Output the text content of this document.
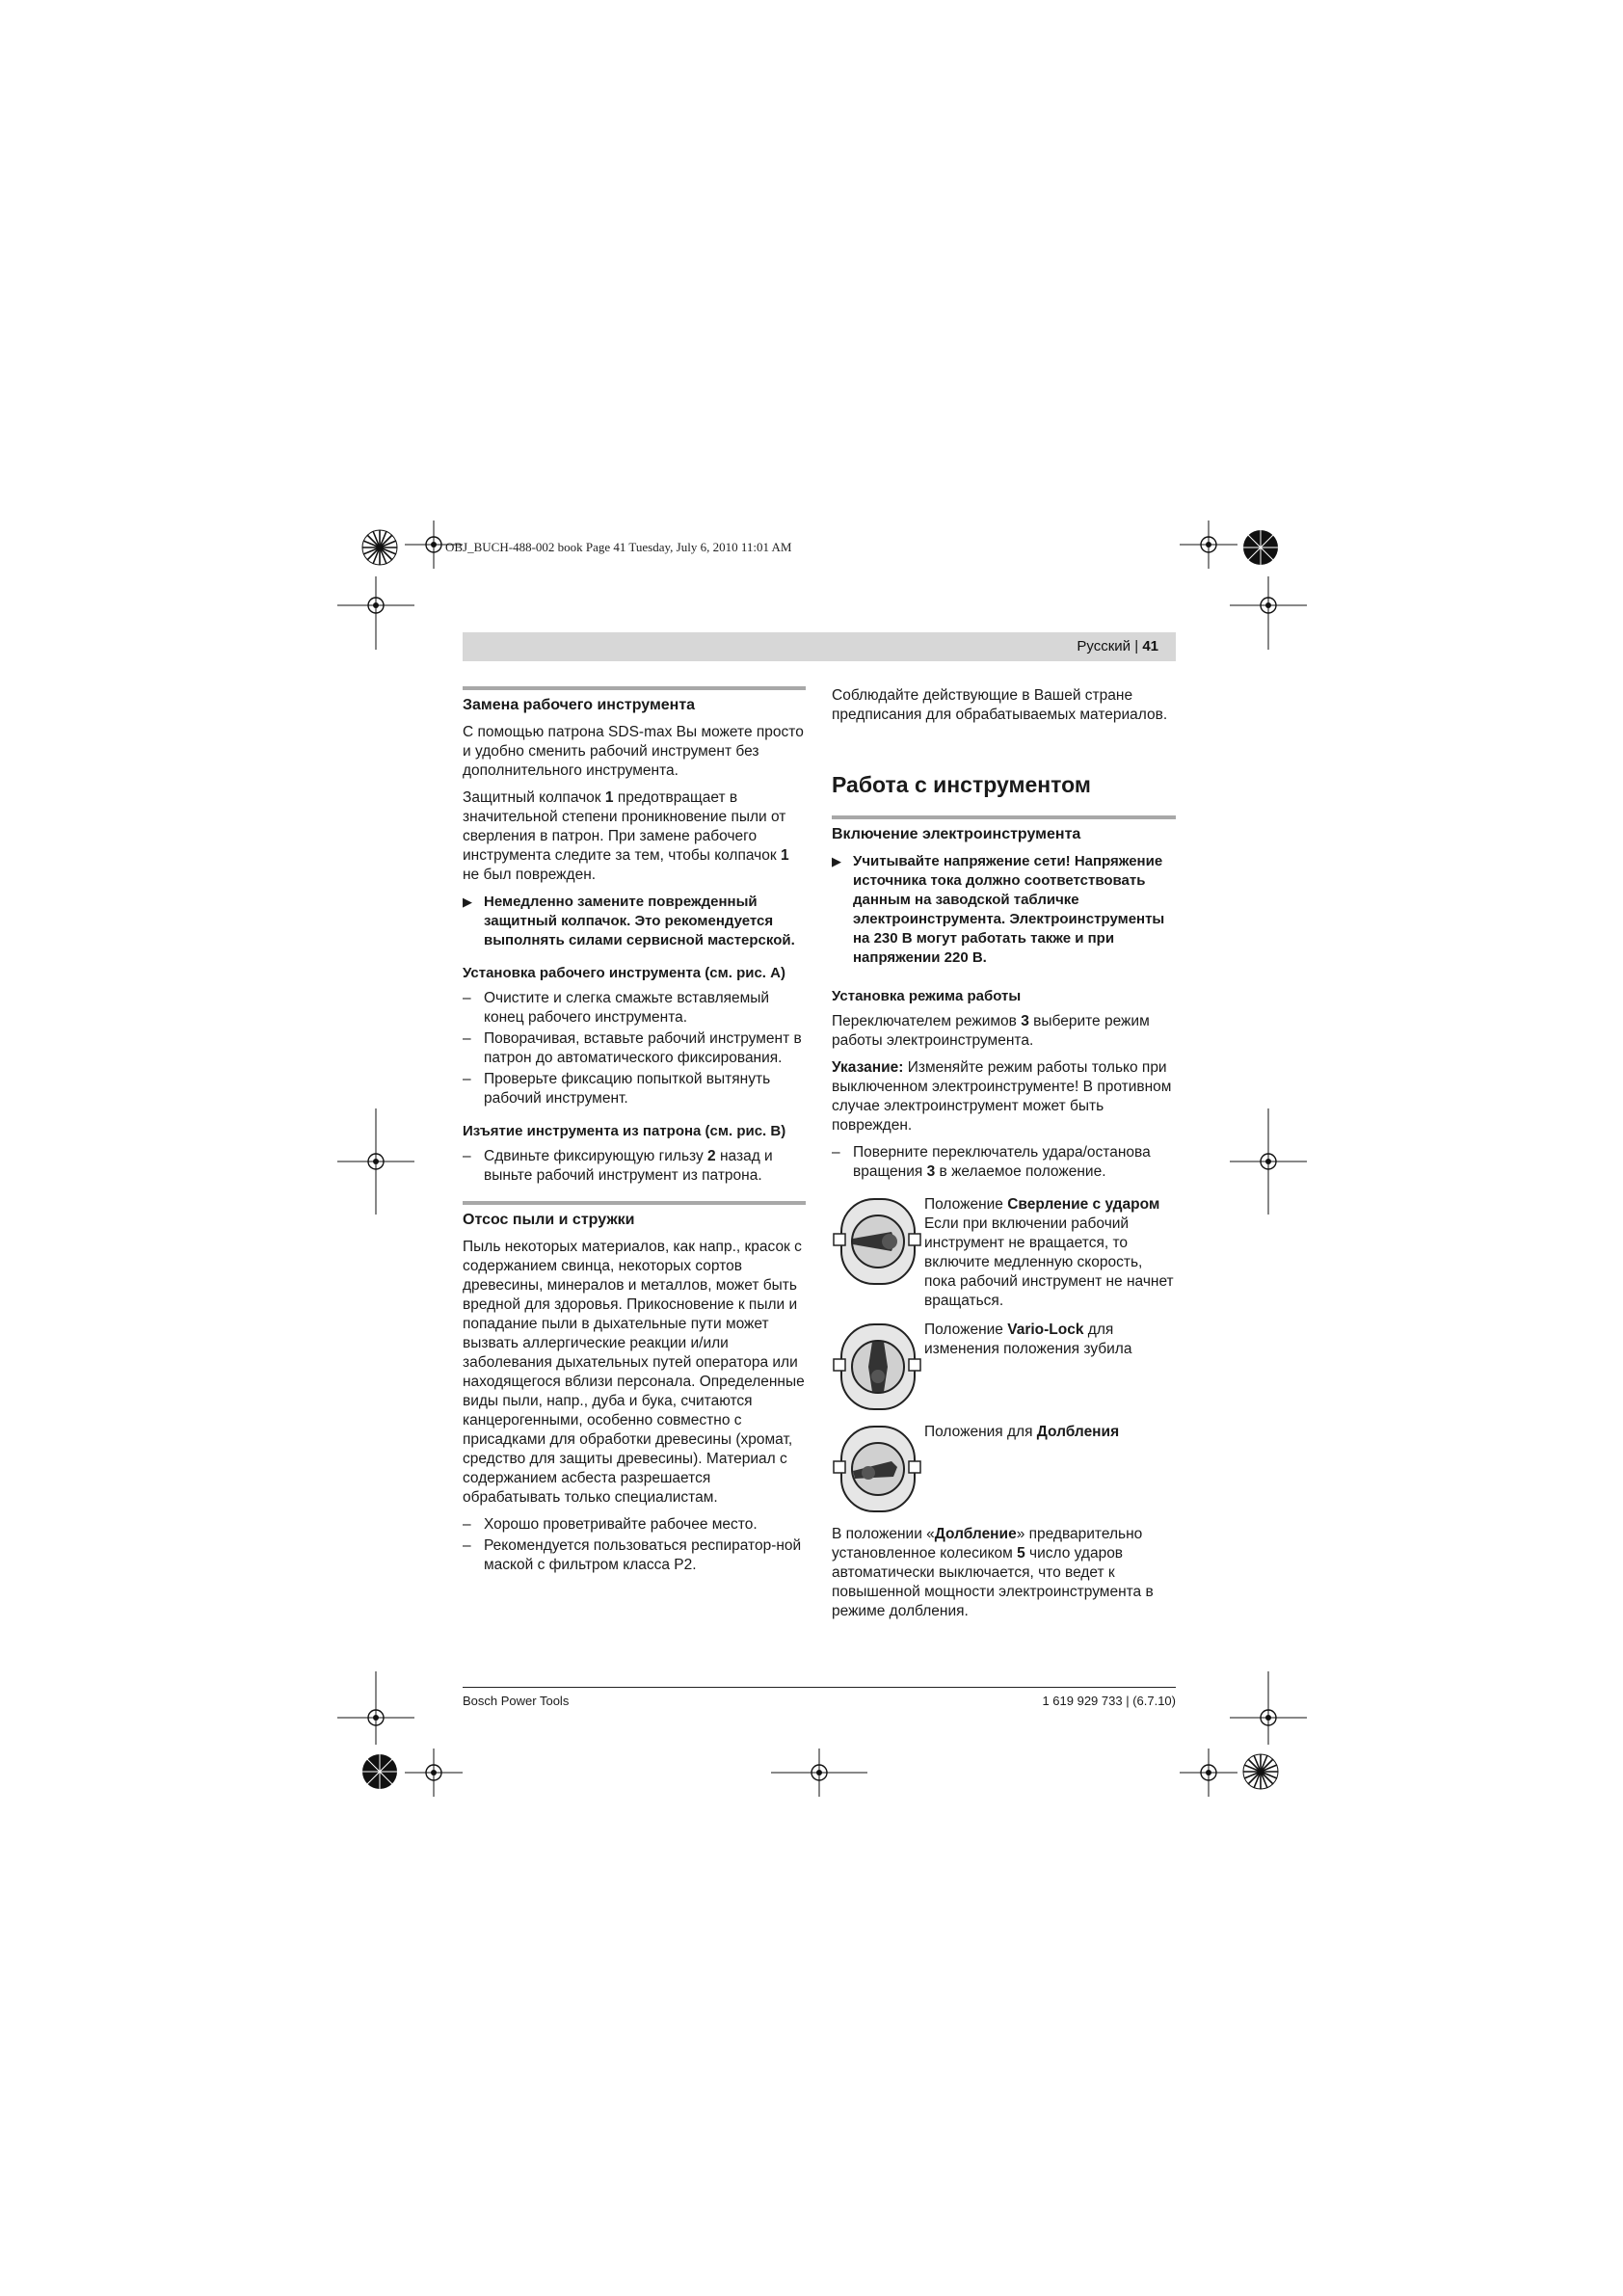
OBJ_BUCH-488-002 book Page 41 Tuesday, July 6, 2010 11:01 AM
Русский | 41
Замена рабочего инструмента

С помощью патрона SDS-max Вы можете просто и удобно сменить рабочий инструмент без дополнительного инструмента.

Защитный колпачок 1 предотвращает в значительной степени проникновение пыли от сверления в патрон. При замене рабочего инструмента следите за тем, чтобы колпачок 1 не был поврежден.

▶ Немедленно замените поврежденный защитный колпачок. Это рекомендуется выполнять силами сервисной мастерской.
Установка рабочего инструмента (см. рис. А)
– Очистите и слегка смажьте вставляемый конец рабочего инструмента.
– Поворачивая, вставьте рабочий инструмент в патрон до автоматического фиксирования.
– Проверьте фиксацию попыткой вытянуть рабочий инструмент.
Изъятие инструмента из патрона (см. рис. В)
– Сдвиньте фиксирующую гильзу 2 назад и выньте рабочий инструмент из патрона.
Отсос пыли и стружки

Пыль некоторых материалов, как напр., красок с содержанием свинца, некоторых сортов древесины, минералов и металлов, может быть вредной для здоровья. Прикосновение к пыли и попадание пыли в дыхательные пути может вызвать аллергические реакции и/или заболевания дыхательных путей оператора или находящегося вблизи персонала. Определенные виды пыли, напр., дуба и бука, считаются канцерогенными, особенно совместно с присадками для обработки древесины (хромат, средство для защиты древесины). Материал с содержанием асбеста разрешается обрабатывать только специалистам.

– Хорошо проветривайте рабочее место.
– Рекомендуется пользоваться респиратор-ной маской с фильтром класса Р2.

Соблюдайте действующие в Вашей стране предписания для обрабатываемых материалов.

Работа с инструментом
Включение электроинструмента
▶ Учитывайте напряжение сети! Напряжение источника тока должно соответствовать данным на заводской табличке электроинструмента. Электроинструменты на 230 В могут работать также и при напряжении 220 В.
Установка режима работы

Переключателем режимов 3 выберите режим работы электроинструмента.

Указание: Изменяйте режим работы только при выключенном электроинструменте! В противном случае электроинструмент может быть поврежден.

– Поверните переключатель удара/останова вращения 3 в желаемое положение.
Положение Сверление с ударом
Если при включении рабочий инструмент не вращается, то включите медленную скорость, пока рабочий инструмент не начнет вращаться.
Положение Vario-Lock для изменения положения зубила
Положения для Долбления

В положении «Долбление» предварительно установленное колесиком 5 число ударов автоматически выключается, что ведет к повышенной мощности электроинструмента в режиме долбления.

Bosch Power Tools	1 619 929 733 | (6.7.10)
